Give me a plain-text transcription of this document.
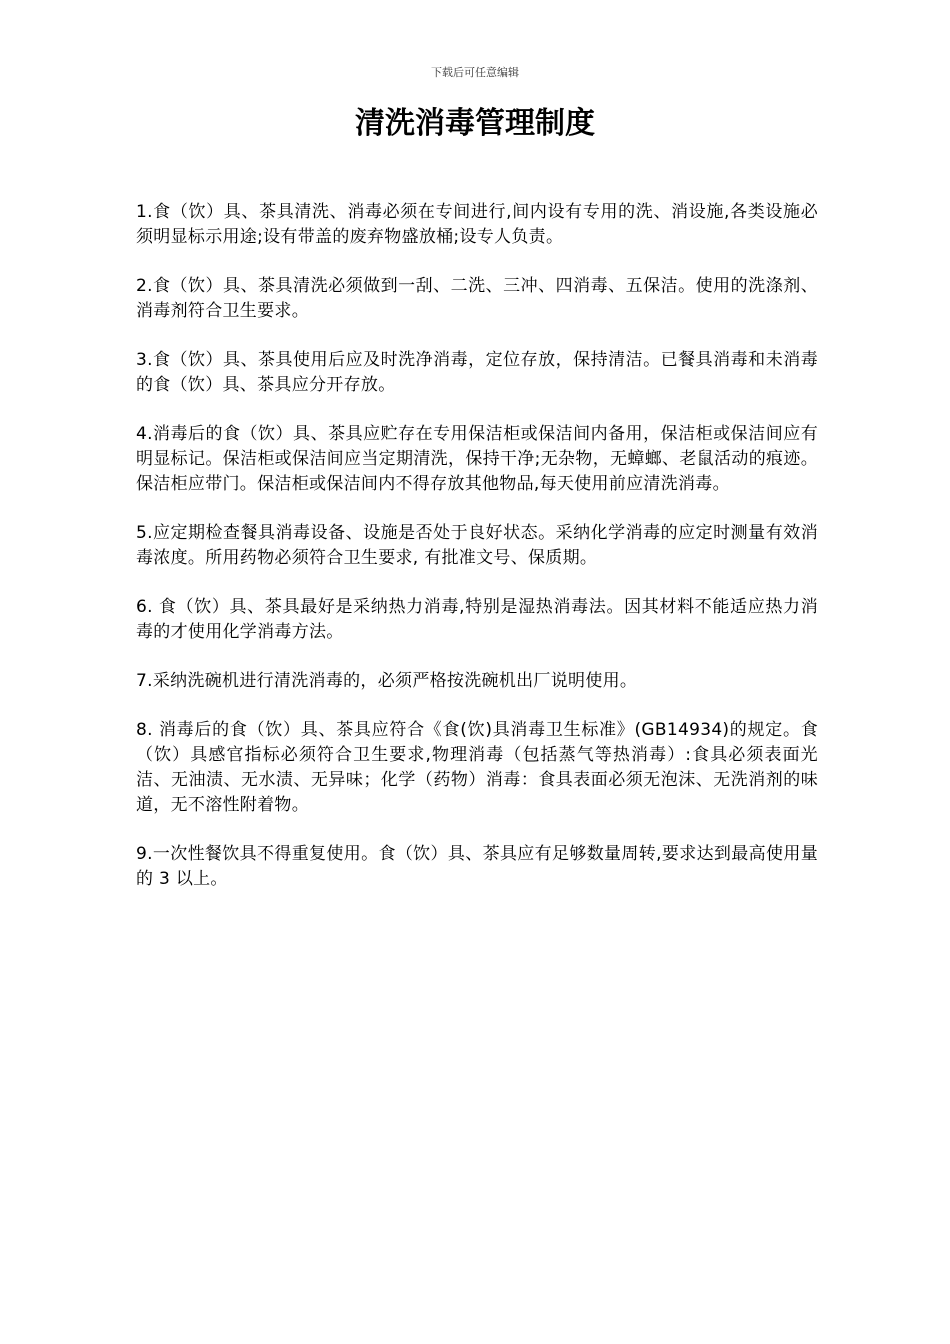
下载后可任意编辑
清洗消毒管理制度

1.食（饮）具、茶具清洗、消毒必须在专间进行,间内设有专用的洗、消设施,各类设施必须明显标示用途;设有带盖的废弃物盛放桶;设专人负责。

2.食（饮）具、茶具清洗必须做到一刮、二洗、三冲、四消毒、五保洁。使用的洗涤剂、消毒剂符合卫生要求。

3.食（饮）具、茶具使用后应及时洗净消毒，定位存放，保持清洁。已餐具消毒和未消毒的食（饮）具、茶具应分开存放。

4.消毒后的食（饮）具、茶具应贮存在专用保洁柜或保洁间内备用，保洁柜或保洁间应有明显标记。保洁柜或保洁间应当定期清洗，保持干净;无杂物，无蟑螂、老鼠活动的痕迹。保洁柜应带门。保洁柜或保洁间内不得存放其他物品,每天使用前应清洗消毒。

5.应定期检查餐具消毒设备、设施是否处于良好状态。采纳化学消毒的应定时测量有效消毒浓度。所用药物必须符合卫生要求, 有批准文号、保质期。

6. 食（饮）具、茶具最好是采纳热力消毒,特别是湿热消毒法。因其材料不能适应热力消毒的才使用化学消毒方法。

7.采纳洗碗机进行清洗消毒的，必须严格按洗碗机出厂说明使用。

8. 消毒后的食（饮）具、茶具应符合《食(饮)具消毒卫生标准》(GB14934)的规定。食（饮）具感官指标必须符合卫生要求,物理消毒（包括蒸气等热消毒）:食具必须表面光洁、无油渍、无水渍、无异味；化学（药物）消毒：食具表面必须无泡沫、无洗消剂的味道，无不溶性附着物。

9.一次性餐饮具不得重复使用。食（饮）具、茶具应有足够数量周转,要求达到最高使用量的 3 以上。
